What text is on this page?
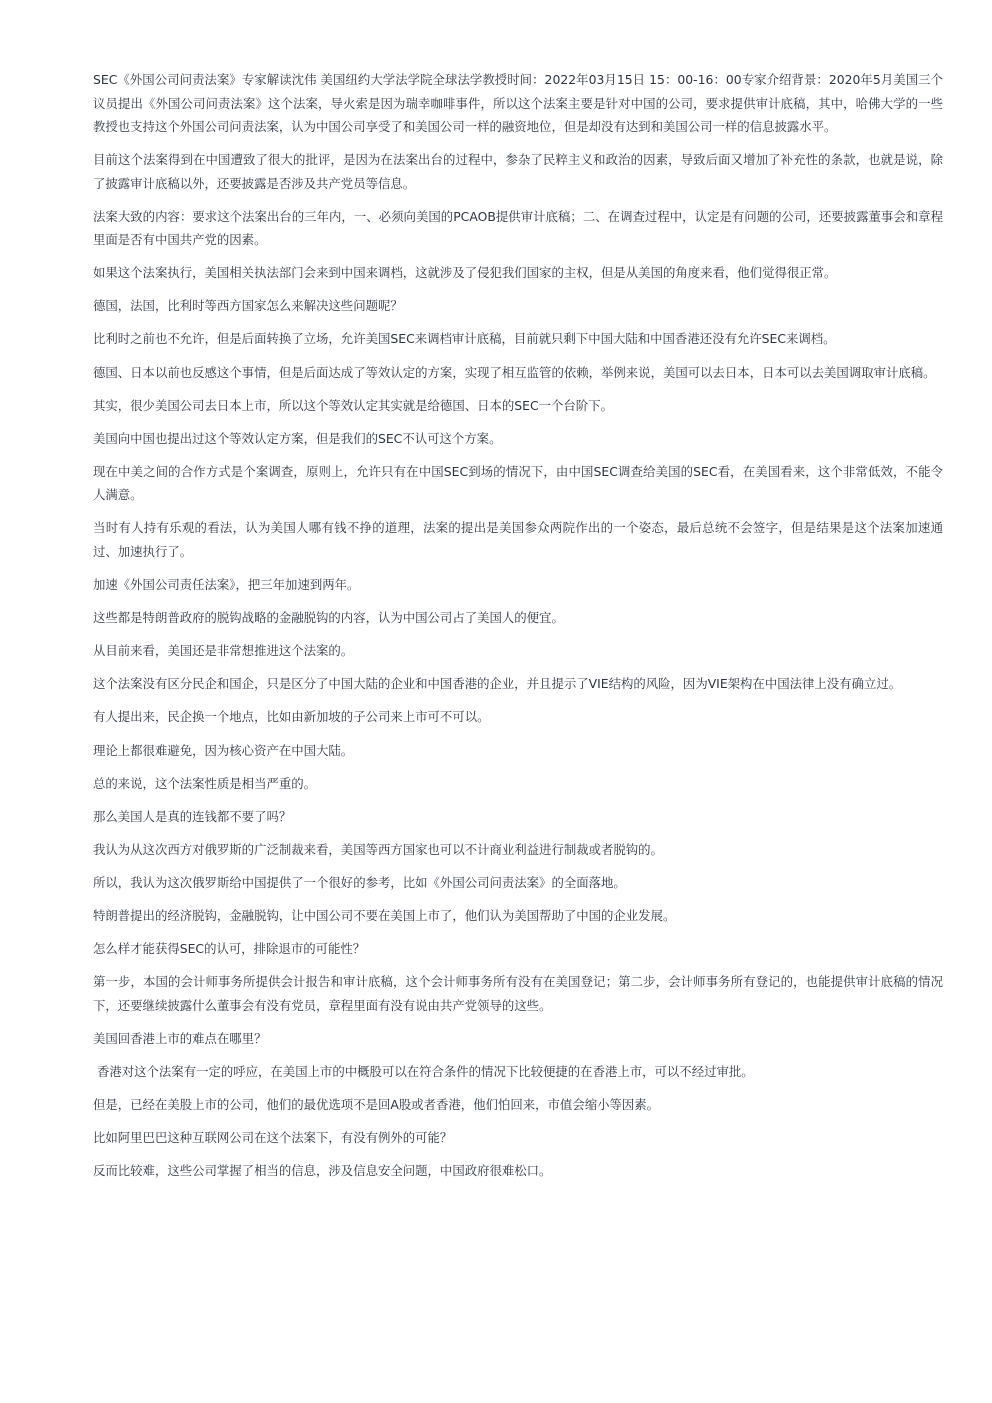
SEC《外国公司问责法案》专家解读沈伟 美国纽约大学法学院全球法学教授时间：2022年03月15日 15：00-16：00专家介绍背景：2020年5月美国三个议员提出《外国公司问责法案》这个法案，导火索是因为瑞幸咖啡事件，所以这个法案主要是针对中国的公司，要求提供审计底稿，其中，哈佛大学的一些教授也支持这个外国公司问责法案，认为中国公司享受了和美国公司一样的融资地位，但是却没有达到和美国公司一样的信息披露水平。

目前这个法案得到在中国遭致了很大的批评，是因为在法案出台的过程中，参杂了民粹主义和政治的因素，导致后面又增加了补充性的条款，也就是说，除了披露审计底稿以外，还要披露是否涉及共产党员等信息。

法案大致的内容：要求这个法案出台的三年内，一、必须向美国的PCAOB提供审计底稿；二、在调查过程中，认定是有问题的公司，还要披露董事会和章程里面是否有中国共产党的因素。

如果这个法案执行，美国相关执法部门会来到中国来调档，这就涉及了侵犯我们国家的主权，但是从美国的角度来看，他们觉得很正常。

德国，法国，比利时等西方国家怎么来解决这些问题呢？

比利时之前也不允许，但是后面转换了立场，允许美国SEC来调档审计底稿，目前就只剩下中国大陆和中国香港还没有允许SEC来调档。

德国、日本以前也反感这个事情，但是后面达成了等效认定的方案，实现了相互监管的依赖，举例来说，美国可以去日本，日本可以去美国调取审计底稿。

其实，很少美国公司去日本上市，所以这个等效认定其实就是给德国、日本的SEC一个台阶下。

美国向中国也提出过这个等效认定方案，但是我们的SEC不认可这个方案。

现在中美之间的合作方式是个案调查，原则上，允许只有在中国SEC到场的情况下，由中国SEC调查给美国的SEC看，在美国看来，这个非常低效，不能令人满意。

当时有人持有乐观的看法，认为美国人哪有钱不挣的道理，法案的提出是美国参众两院作出的一个姿态，最后总统不会签字，但是结果是这个法案加速通过、加速执行了。

加速《外国公司责任法案》，把三年加速到两年。

这些都是特朗普政府的脱钩战略的金融脱钩的内容，认为中国公司占了美国人的便宜。

从目前来看，美国还是非常想推进这个法案的。

这个法案没有区分民企和国企，只是区分了中国大陆的企业和中国香港的企业，并且提示了VIE结构的风险，因为VIE架构在中国法律上没有确立过。

有人提出来，民企换一个地点，比如由新加坡的子公司来上市可不可以。

理论上都很难避免，因为核心资产在中国大陆。

总的来说，这个法案性质是相当严重的。

那么美国人是真的连钱都不要了吗？

我认为从这次西方对俄罗斯的广泛制裁来看，美国等西方国家也可以不计商业利益进行制裁或者脱钩的。

所以，我认为这次俄罗斯给中国提供了一个很好的参考，比如《外国公司问责法案》的全面落地。

特朗普提出的经济脱钩，金融脱钩，让中国公司不要在美国上市了，他们认为美国帮助了中国的企业发展。

怎么样才能获得SEC的认可，排除退市的可能性？

第一步，本国的会计师事务所提供会计报告和审计底稿，这个会计师事务所有没有在美国登记；第二步，会计师事务所有登记的，也能提供审计底稿的情况下，还要继续披露什么董事会有没有党员，章程里面有没有说由共产党领导的这些。

美国回香港上市的难点在哪里？

香港对这个法案有一定的呼应，在美国上市的中概股可以在符合条件的情况下比较便捷的在香港上市，可以不经过审批。

但是，已经在美股上市的公司，他们的最优选项不是回A股或者香港，他们怕回来，市值会缩小等因素。

比如阿里巴巴这种互联网公司在这个法案下，有没有例外的可能？

反而比较难，这些公司掌握了相当的信息，涉及信息安全问题，中国政府很难松口。
